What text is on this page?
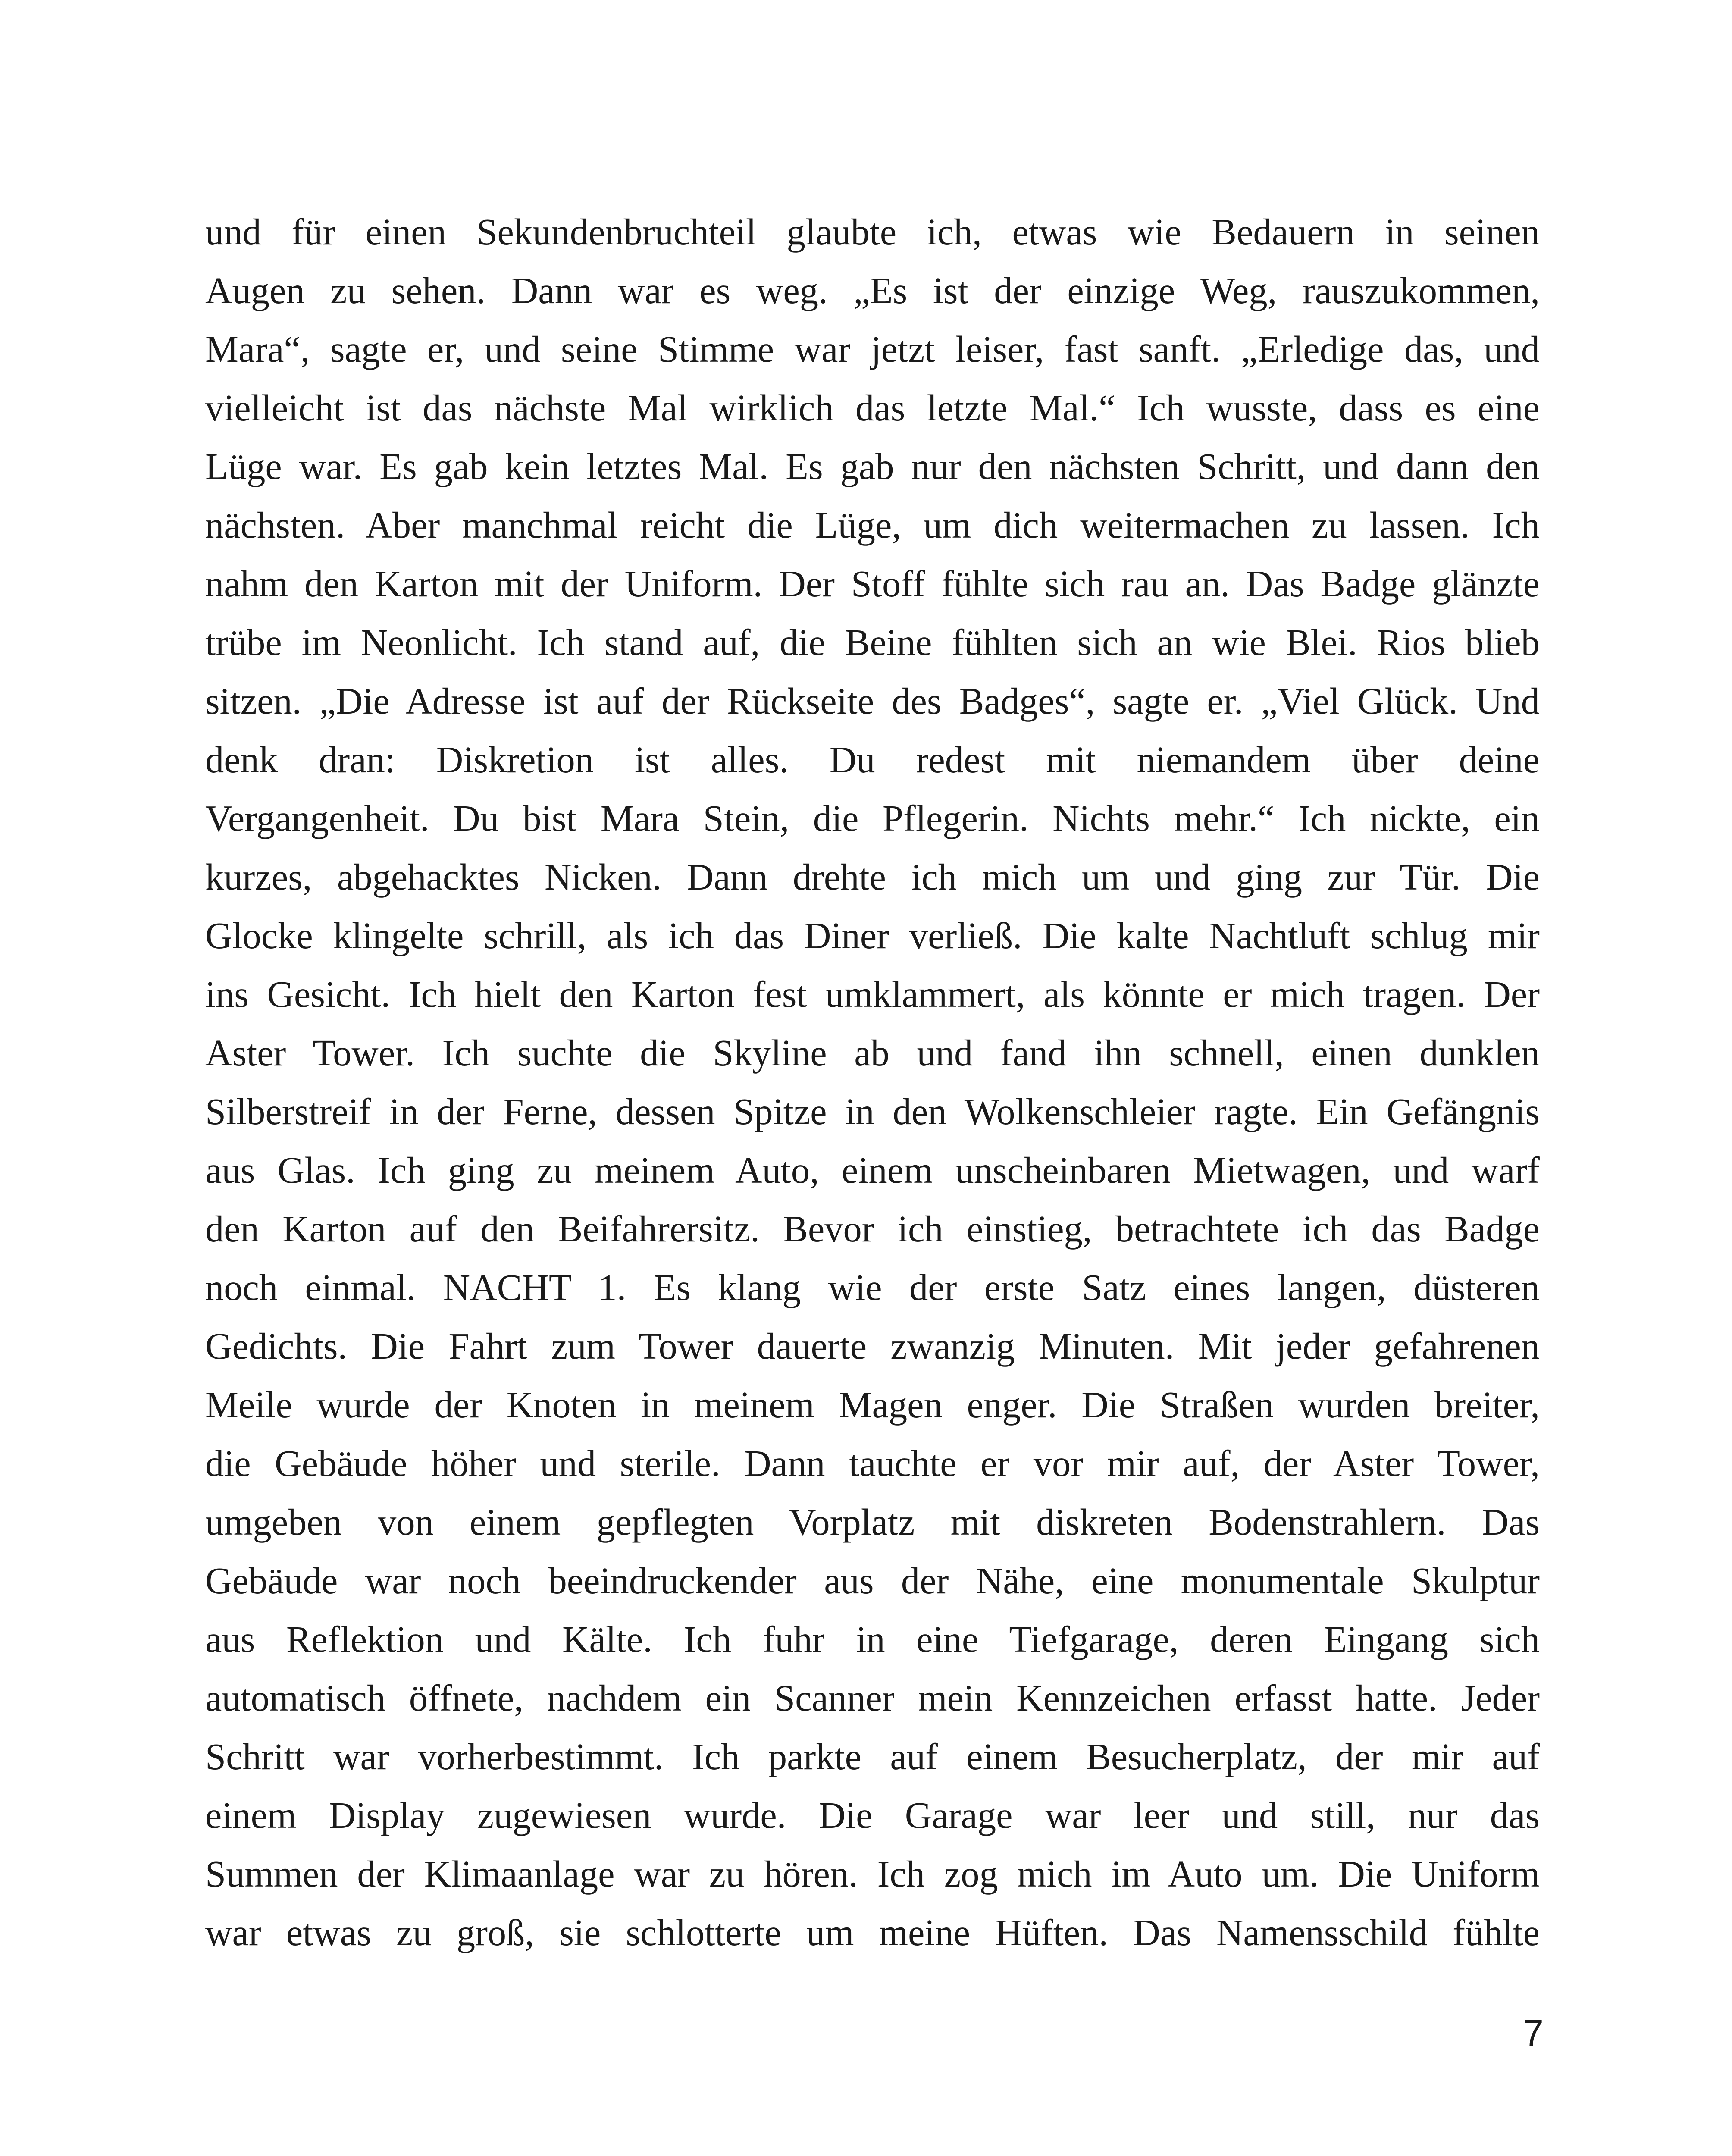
und für einen Sekundenbruchteil glaubte ich, etwas wie Bedauern in seinen
Augen zu sehen. Dann war es weg. „Es ist der einzige Weg, rauszukommen,
Mara“, sagte er, und seine Stimme war jetzt leiser, fast sanft. „Erledige das, und
vielleicht ist das nächste Mal wirklich das letzte Mal.“ Ich wusste, dass es eine
Lüge war. Es gab kein letztes Mal. Es gab nur den nächsten Schritt, und dann den
nächsten. Aber manchmal reicht die Lüge, um dich weitermachen zu lassen. Ich
nahm den Karton mit der Uniform. Der Stoff fühlte sich rau an. Das Badge glänzte
trübe im Neonlicht. Ich stand auf, die Beine fühlten sich an wie Blei. Rios blieb
sitzen. „Die Adresse ist auf der Rückseite des Badges“, sagte er. „Viel Glück. Und
denk dran: Diskretion ist alles. Du redest mit niemandem über deine
Vergangenheit. Du bist Mara Stein, die Pflegerin. Nichts mehr.“ Ich nickte, ein
kurzes, abgehacktes Nicken. Dann drehte ich mich um und ging zur Tür. Die
Glocke klingelte schrill, als ich das Diner verließ. Die kalte Nachtluft schlug mir
ins Gesicht. Ich hielt den Karton fest umklammert, als könnte er mich tragen. Der
Aster Tower. Ich suchte die Skyline ab und fand ihn schnell, einen dunklen
Silberstreif in der Ferne, dessen Spitze in den Wolkenschleier ragte. Ein Gefängnis
aus Glas. Ich ging zu meinem Auto, einem unscheinbaren Mietwagen, und warf
den Karton auf den Beifahrersitz. Bevor ich einstieg, betrachtete ich das Badge
noch einmal. NACHT 1. Es klang wie der erste Satz eines langen, düsteren
Gedichts. Die Fahrt zum Tower dauerte zwanzig Minuten. Mit jeder gefahrenen
Meile wurde der Knoten in meinem Magen enger. Die Straßen wurden breiter,
die Gebäude höher und sterile. Dann tauchte er vor mir auf, der Aster Tower,
umgeben von einem gepflegten Vorplatz mit diskreten Bodenstrahlern. Das
Gebäude war noch beeindruckender aus der Nähe, eine monumentale Skulptur
aus Reflektion und Kälte. Ich fuhr in eine Tiefgarage, deren Eingang sich
automatisch öffnete, nachdem ein Scanner mein Kennzeichen erfasst hatte. Jeder
Schritt war vorherbestimmt. Ich parkte auf einem Besucherplatz, der mir auf
einem Display zugewiesen wurde. Die Garage war leer und still, nur das
Summen der Klimaanlage war zu hören. Ich zog mich im Auto um. Die Uniform
war etwas zu groß, sie schlotterte um meine Hüften. Das Namensschild fühlte
7
